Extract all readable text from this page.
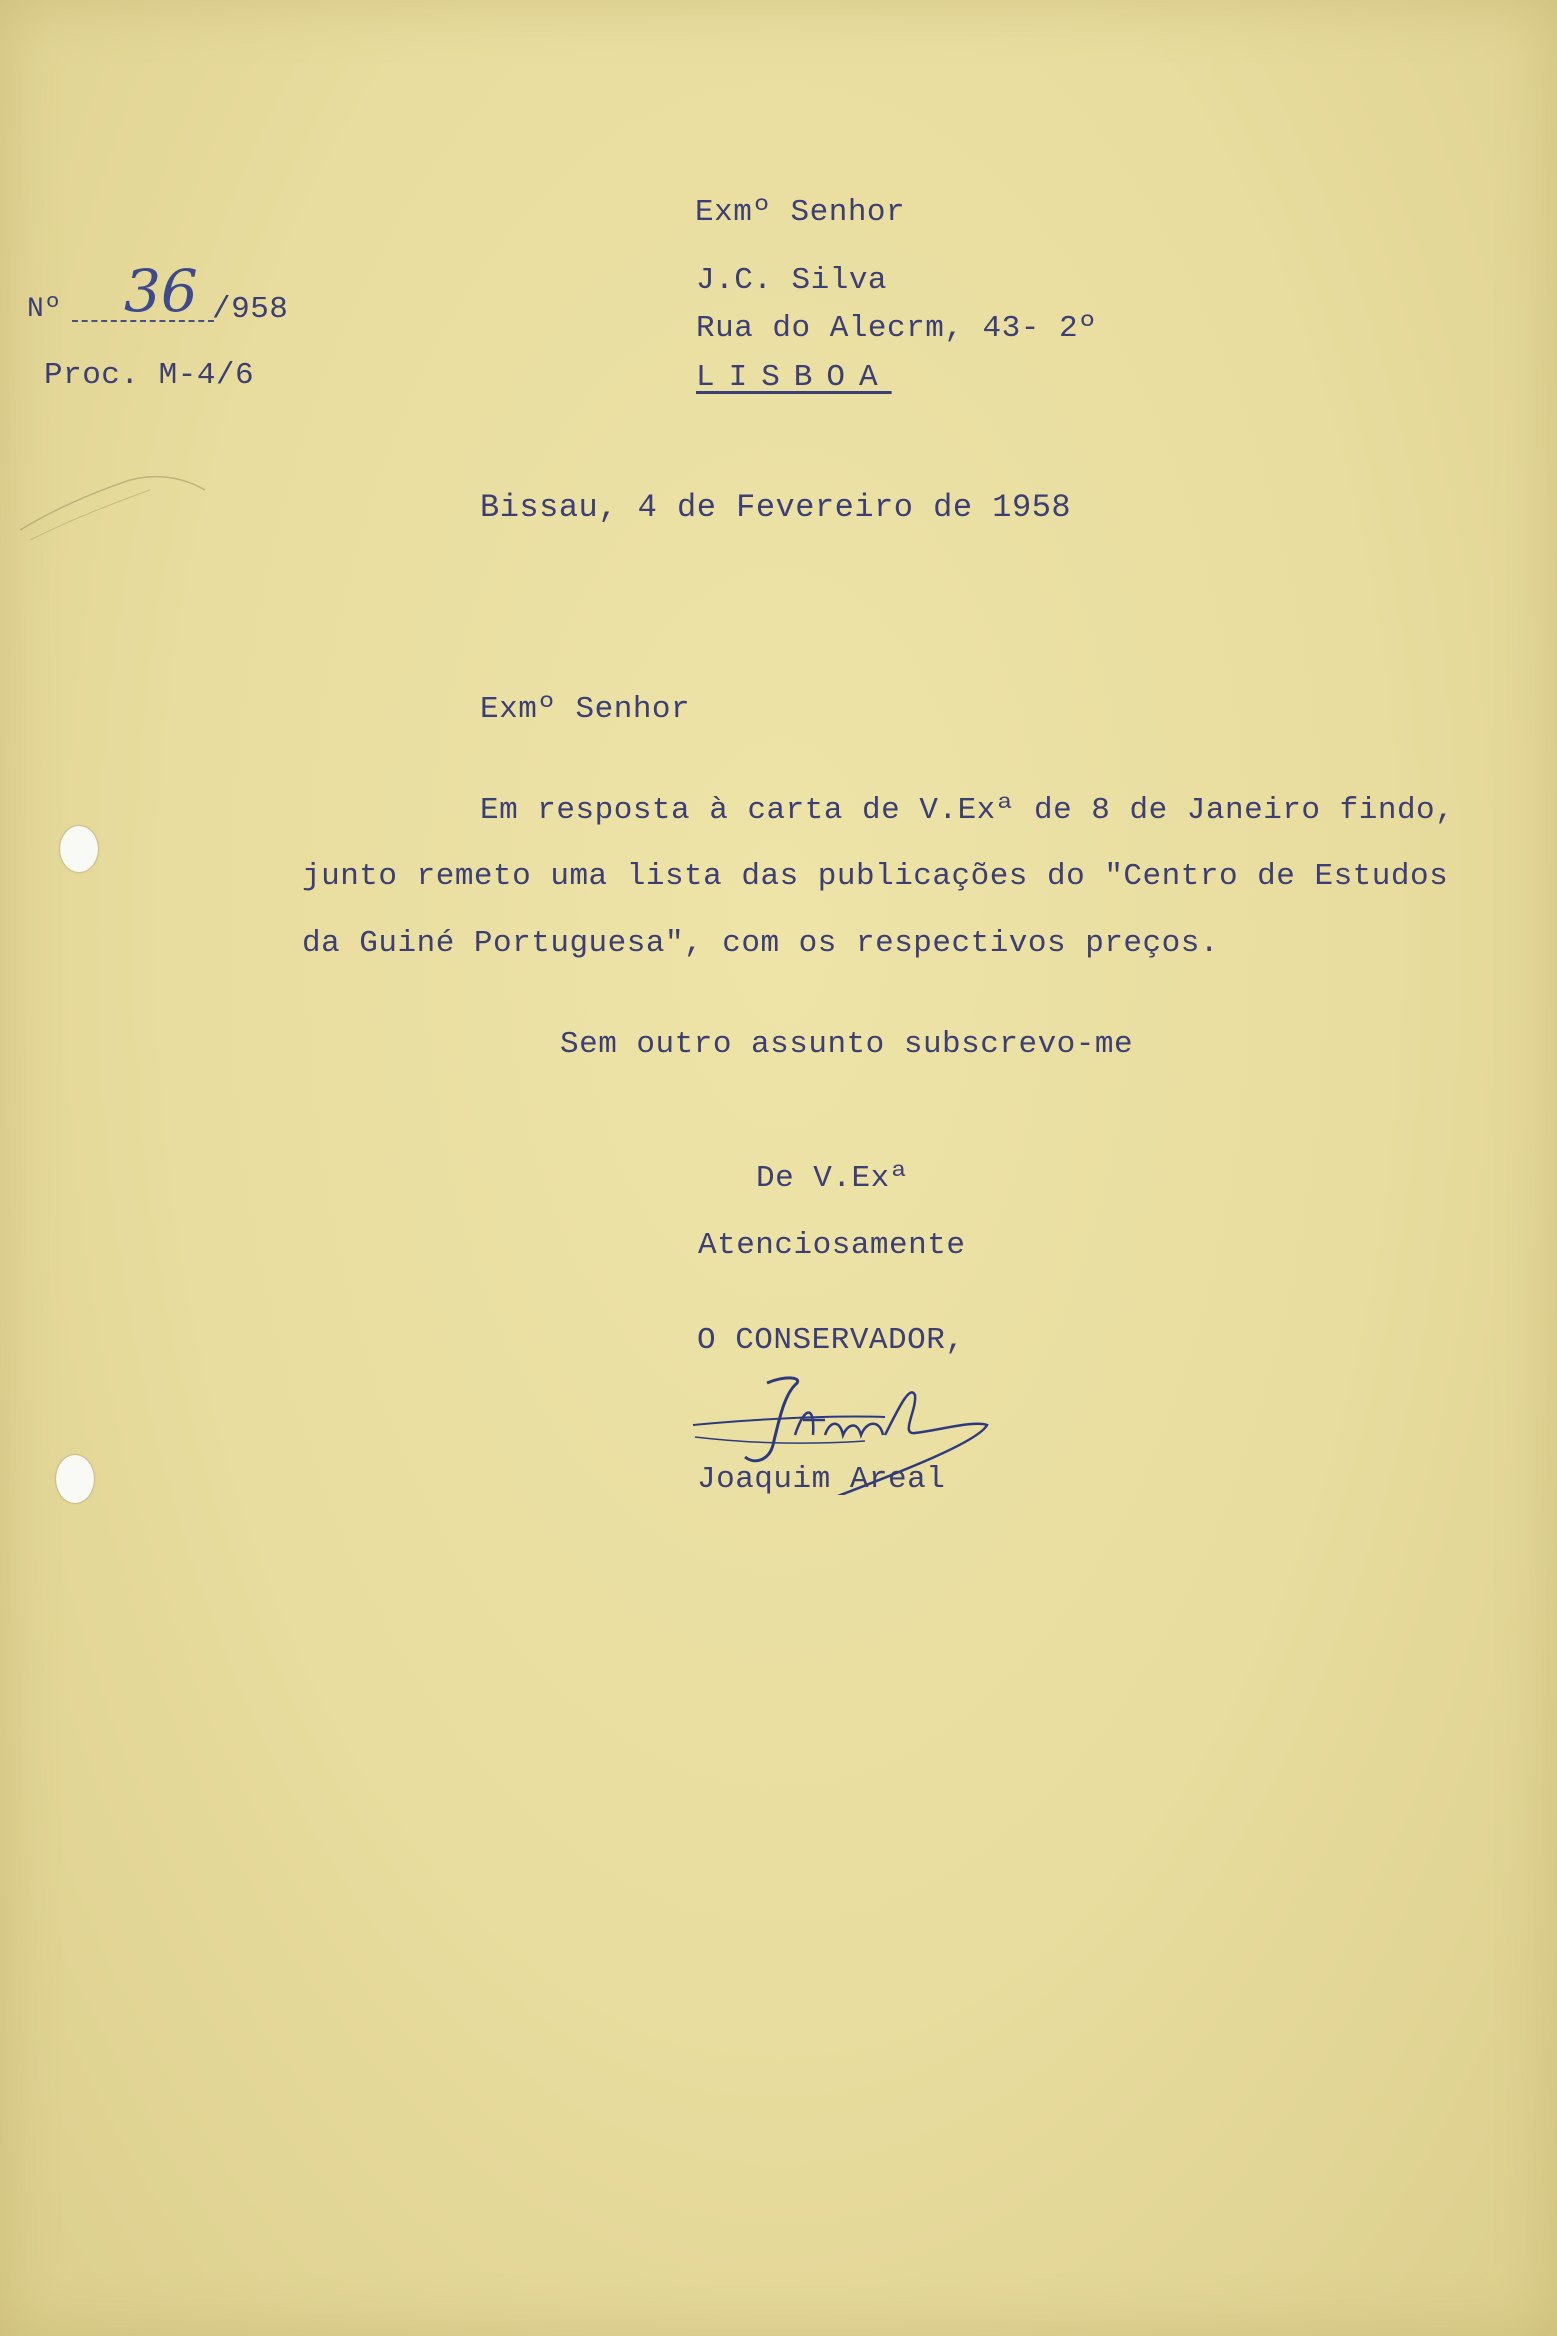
Nº 36 /958
Proc. M-4/6
Exmº Senhor
J.C. Silva
Rua do Alecrm, 43- 2º
LISBOA
Bissau, 4 de Fevereiro de 1958
Exmº Senhor
Em resposta à carta de V.Exª de 8 de Janeiro findo,
junto remeto uma lista das publicações do "Centro de Estudos
da Guiné Portuguesa", com os respectivos preços.
Sem outro assunto subscrevo-me
De V.Exª
Atenciosamente
O CONSERVADOR,
Joaquim Areal
